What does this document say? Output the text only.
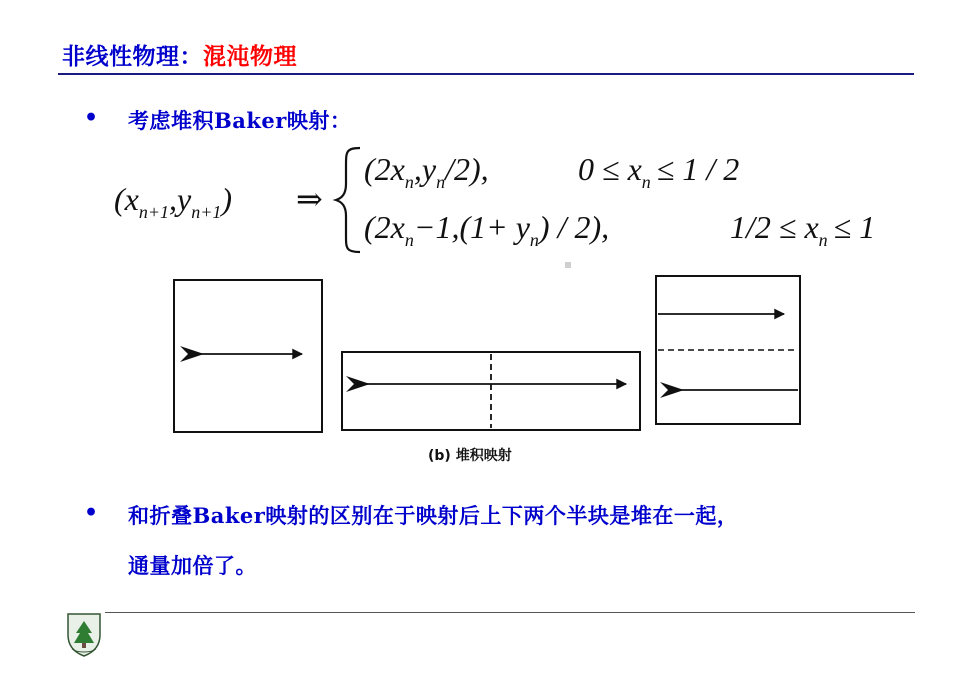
非线性物理：混沌物理
• 考虑堆积Baker映射：
$(x_{n+1},y_{n+1})$ ⇒
$(2x_n,y_n/2)$,	$0 \le x_n \le 1 / 2$
$(2x_n-1,(1+ y_n) / 2)$,	$1/2 \le x_n \le 1$
(b) 堆积映射
• 和折叠Baker映射的区别在于映射后上下两个半块是堆在一起，
通量加倍了。
